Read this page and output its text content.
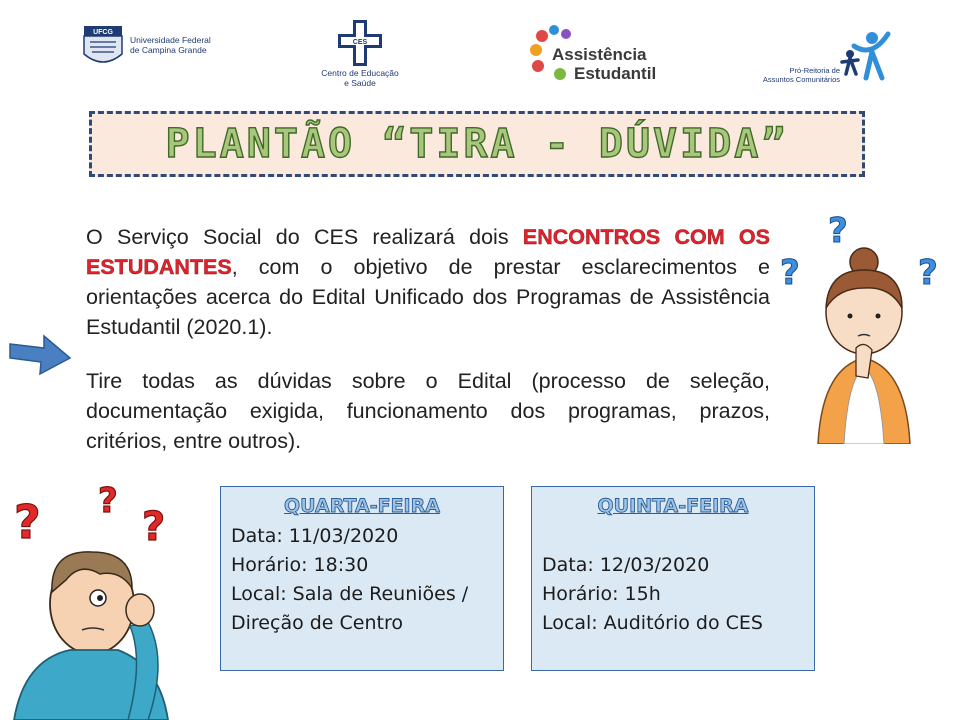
UFCG
Universidade Federal
de Campina Grande
CES
Centro de Educação
e Saúde
Assistência
Estudantil	Pró-Reitoria de
Assuntos Comunitários
PLANTÃO “TIRA - DÚVIDA”
O Serviço Social do CES realizará dois ENCONTROS COM OS ESTUDANTES, com o objetivo de prestar esclarecimentos e orientações acerca do Edital Unificado dos Programas de Assistência Estudantil (2020.1).
Tire todas as dúvidas sobre o Edital (processo de seleção, documentação exigida, funcionamento dos programas, prazos, critérios, entre outros).
?
?	?
? ?
?	QUARTA-FEIRA
Data: 11/03/2020
Horário: 18:30
Local: Sala de Reuniões /
Direção de Centro
QUINTA-FEIRA
Data: 12/03/2020
Horário: 15h
Local: Auditório do CES
